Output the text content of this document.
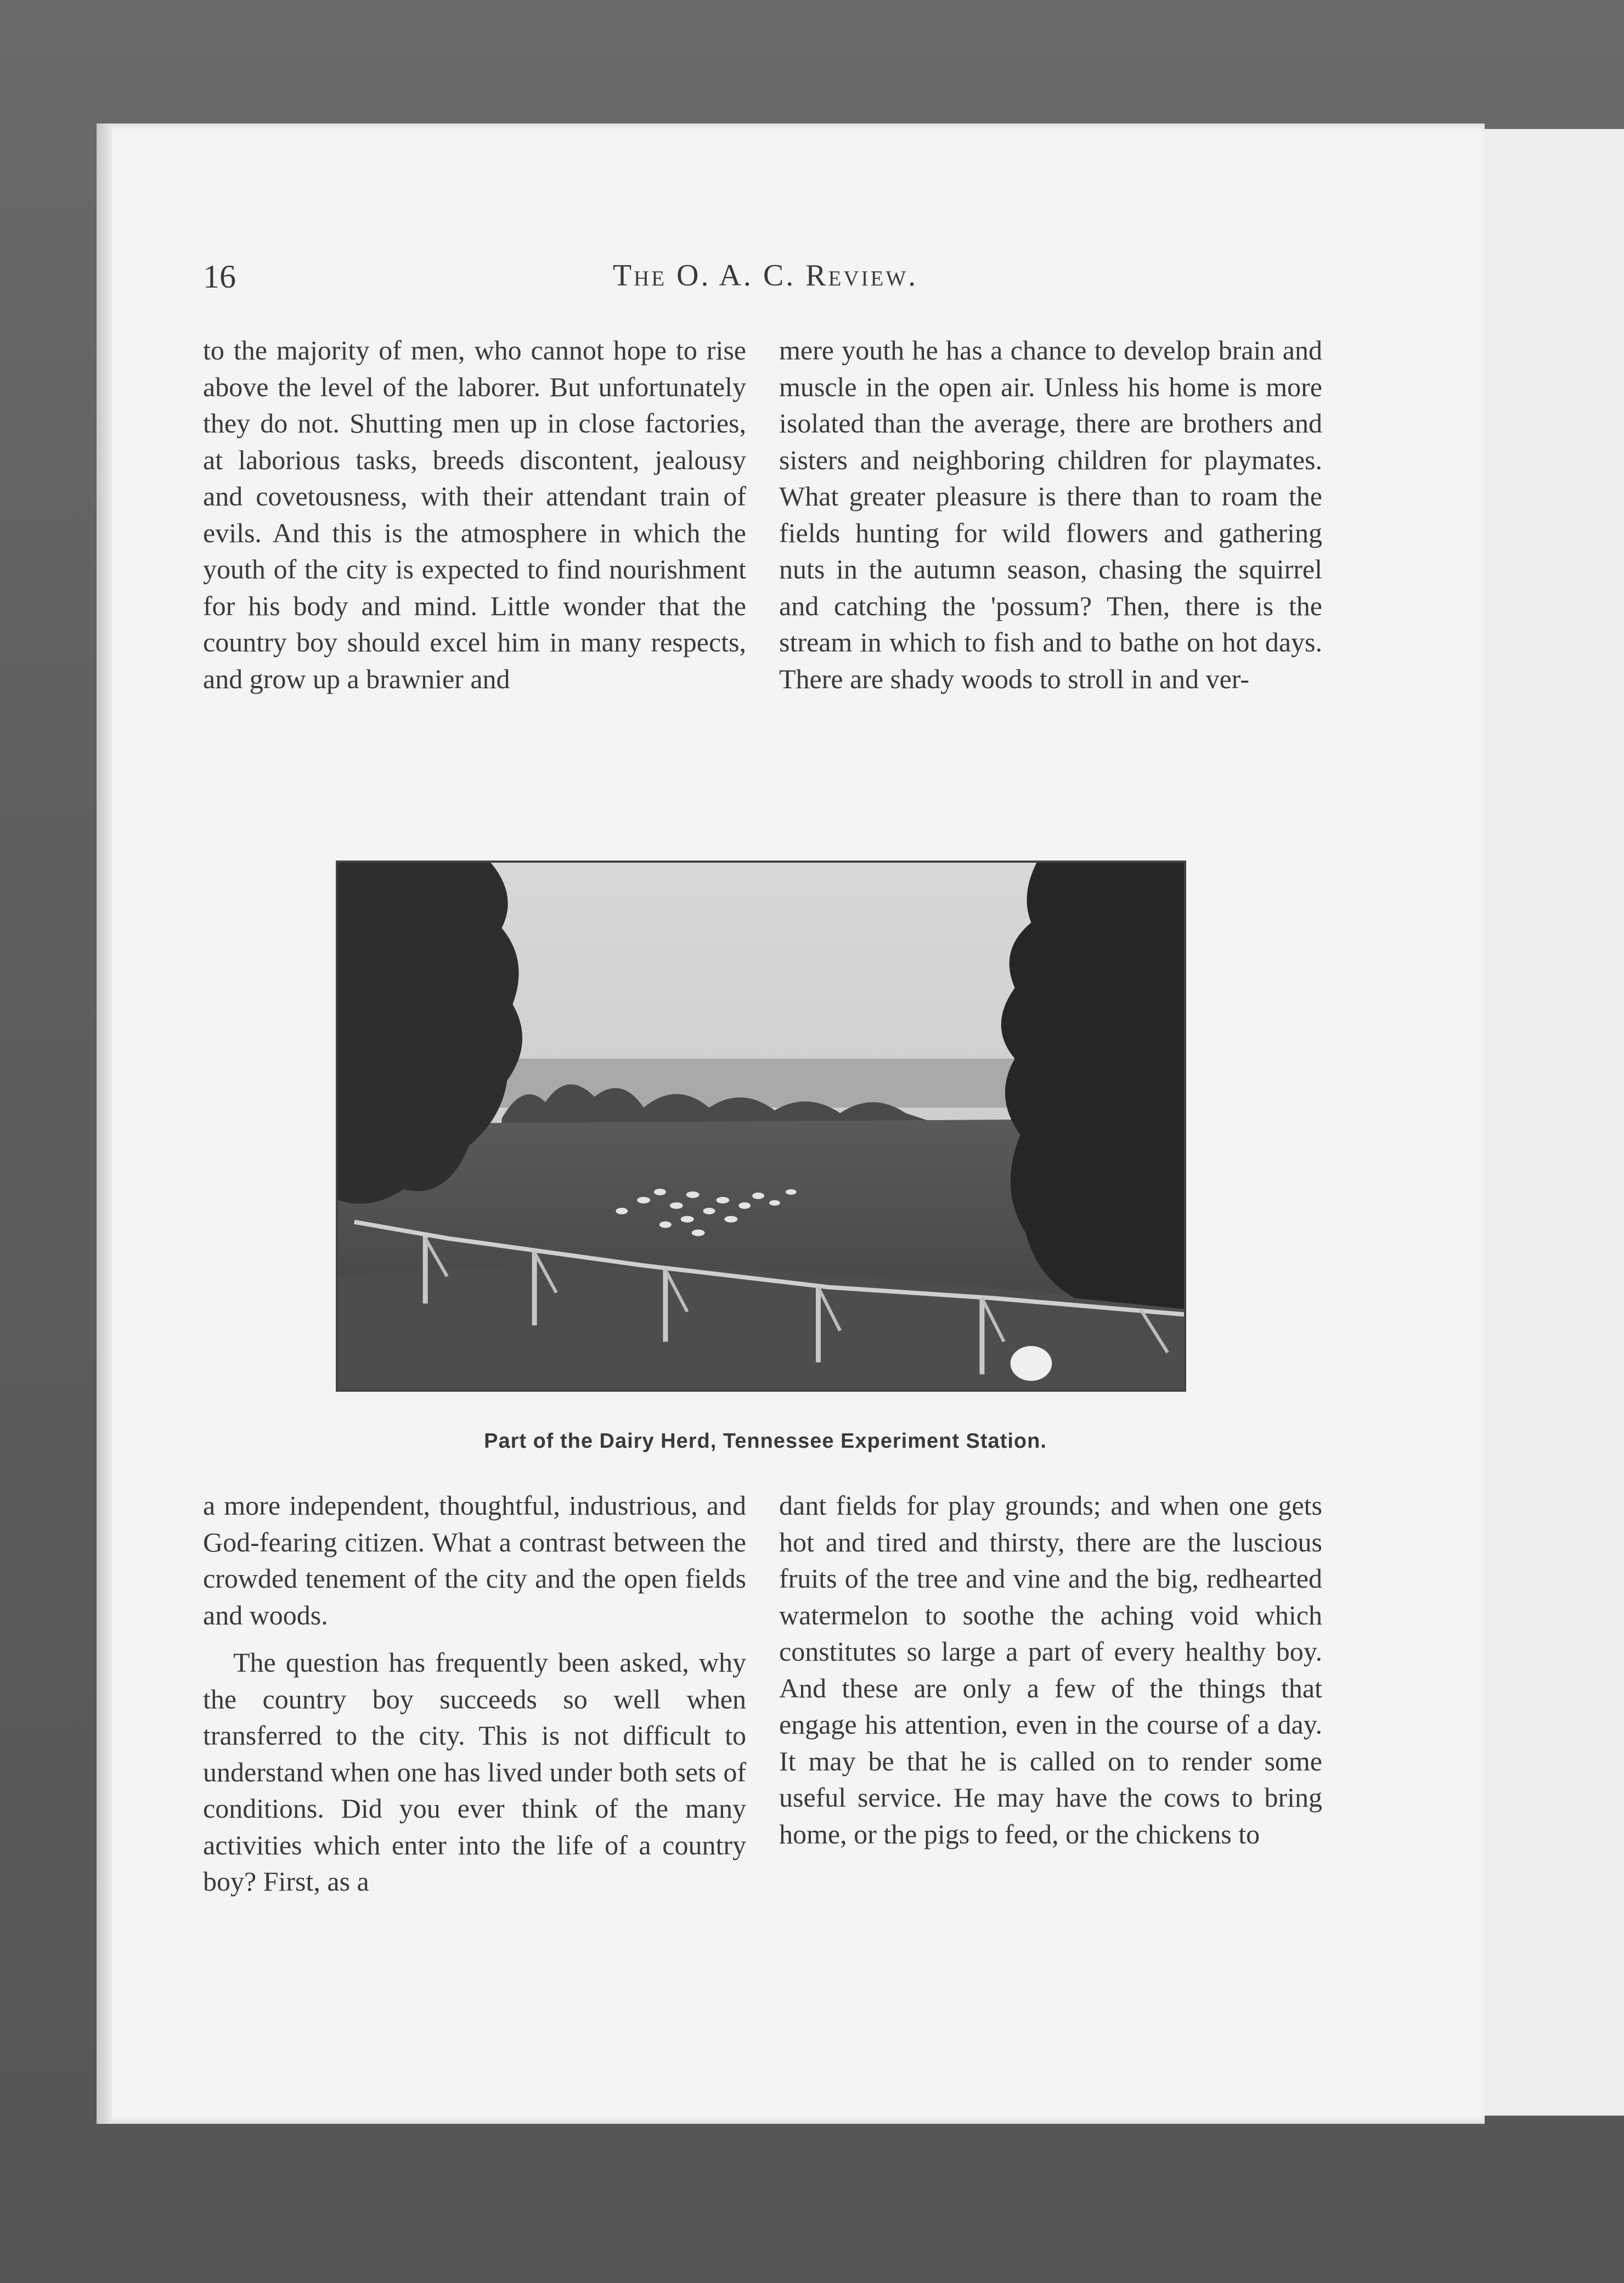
16	The O. A. C. Review.

to the majority of men, who cannot hope to rise above the level of the laborer. But unfortunately they do not. Shutting men up in close factories, at laborious tasks, breeds discontent, jealousy and covetousness, with their attendant train of evils. And this is the atmosphere in which the youth of the city is expected to find nourishment for his body and mind. Little wonder that the country boy should excel him in many respects, and grow up a brawnier and

mere youth he has a chance to develop brain and muscle in the open air. Unless his home is more isolated than the average, there are brothers and sisters and neighboring children for playmates. What greater pleasure is there than to roam the fields hunting for wild flowers and gathering nuts in the autumn season, chasing the squirrel and catching the 'possum? Then, there is the stream in which to fish and to bathe on hot days. There are shady woods to stroll in and ver-

Part of the Dairy Herd, Tennessee Experiment Station.

a more independent, thoughtful, industrious, and God-fearing citizen. What a contrast between the crowded tenement of the city and the open fields and woods.

The question has frequently been asked, why the country boy succeeds so well when transferred to the city. This is not difficult to understand when one has lived under both sets of conditions. Did you ever think of the many activities which enter into the life of a country boy? First, as a

dant fields for play grounds; and when one gets hot and tired and thirsty, there are the luscious fruits of the tree and vine and the big, redhearted watermelon to soothe the aching void which constitutes so large a part of every healthy boy. And these are only a few of the things that engage his attention, even in the course of a day. It may be that he is called on to render some useful service. He may have the cows to bring home, or the pigs to feed, or the chickens to
